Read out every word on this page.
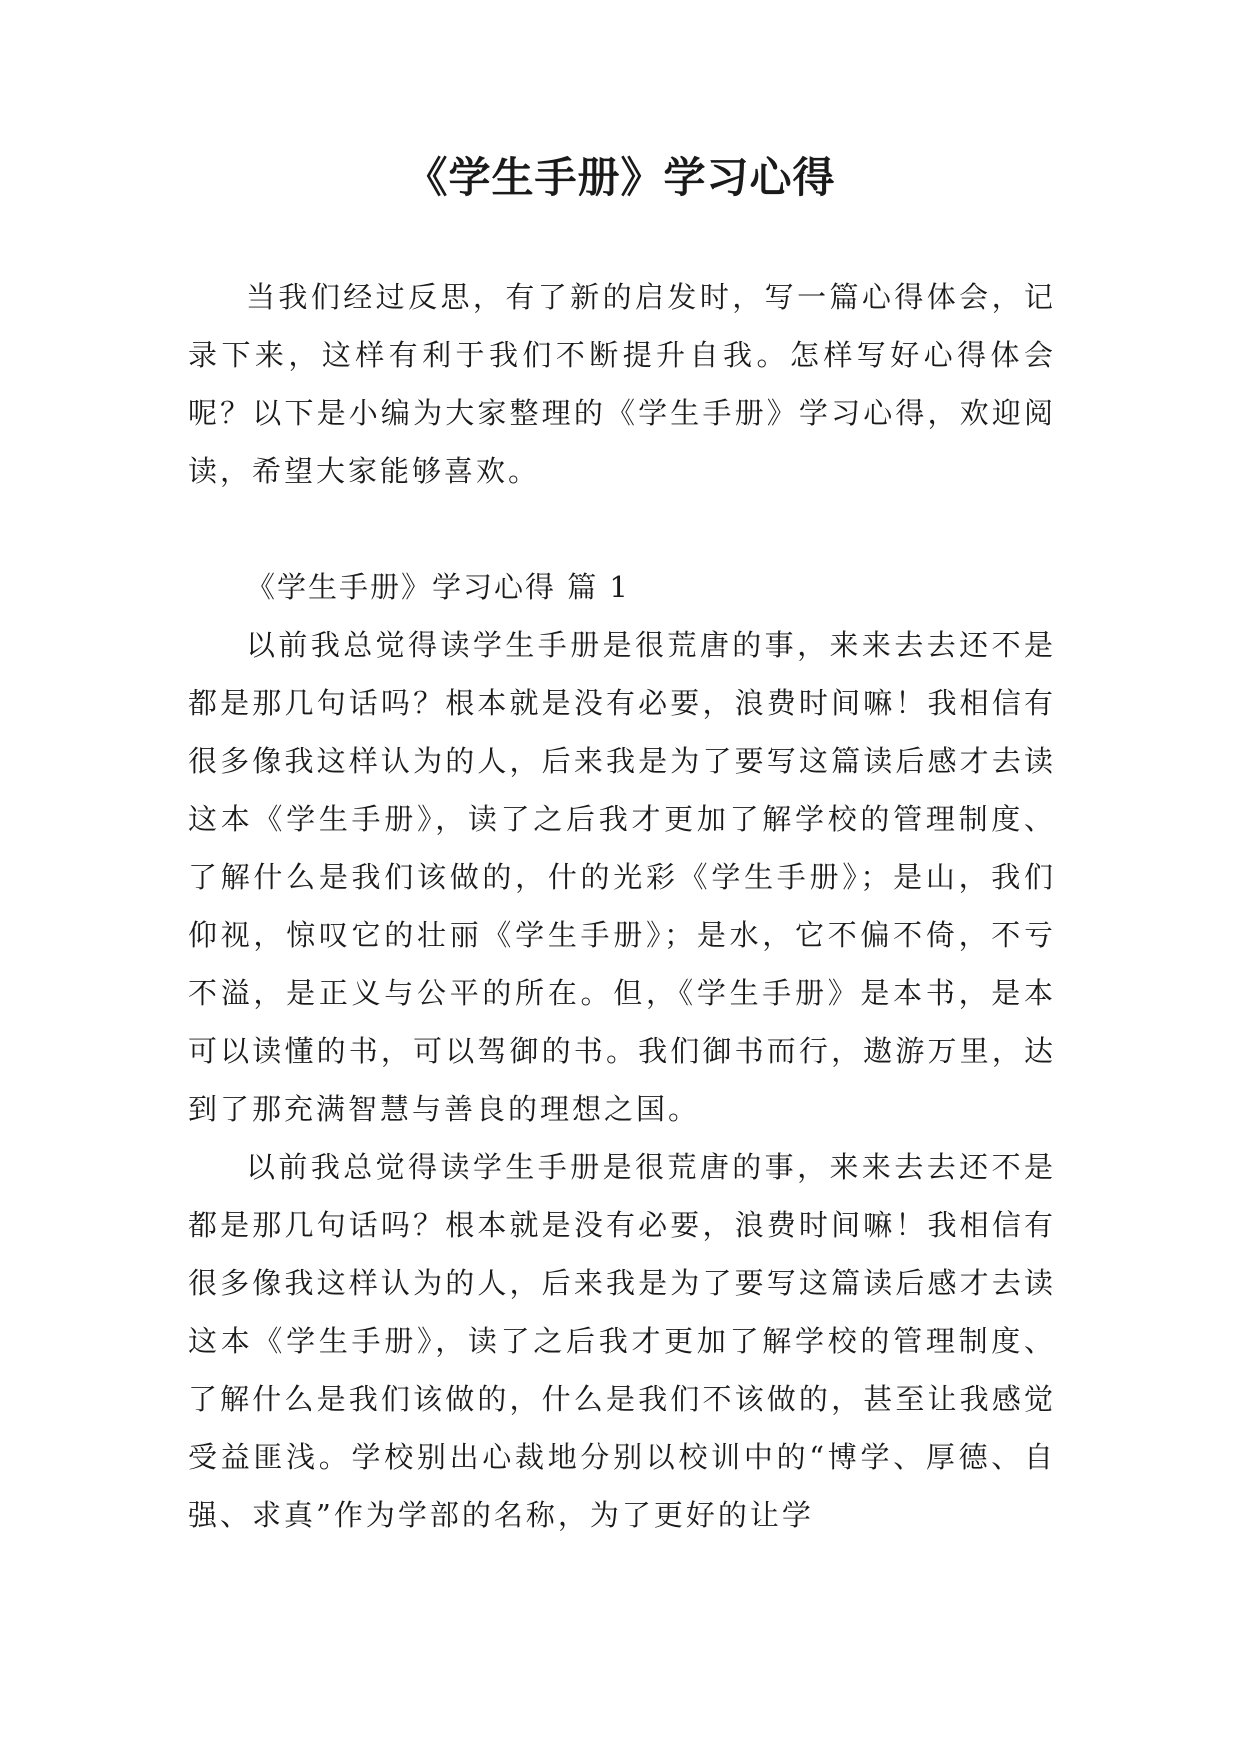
《学生手册》学习心得

当我们经过反思，有了新的启发时，写一篇心得体会，记录下来，这样有利于我们不断提升自我。怎样写好心得体会呢？以下是小编为大家整理的《学生手册》学习心得，欢迎阅读，希望大家能够喜欢。

《学生手册》学习心得 篇 1

以前我总觉得读学生手册是很荒唐的事，来来去去还不是都是那几句话吗？根本就是没有必要，浪费时间嘛！我相信有很多像我这样认为的人，后来我是为了要写这篇读后感才去读这本《学生手册》，读了之后我才更加了解学校的管理制度、了解什么是我们该做的，什的光彩《学生手册》；是山，我们仰视，惊叹它的壮丽《学生手册》；是水，它不偏不倚，不亏不溢，是正义与公平的所在。但，《学生手册》是本书，是本可以读懂的书，可以驾御的书。我们御书而行，遨游万里，达到了那充满智慧与善良的理想之国。

以前我总觉得读学生手册是很荒唐的事，来来去去还不是都是那几句话吗？根本就是没有必要，浪费时间嘛！我相信有很多像我这样认为的人，后来我是为了要写这篇读后感才去读这本《学生手册》，读了之后我才更加了解学校的管理制度、了解什么是我们该做的，什么是我们不该做的，甚至让我感觉受益匪浅。学校别出心裁地分别以校训中的“博学、厚德、自强、求真”作为学部的名称，为了更好的让学
